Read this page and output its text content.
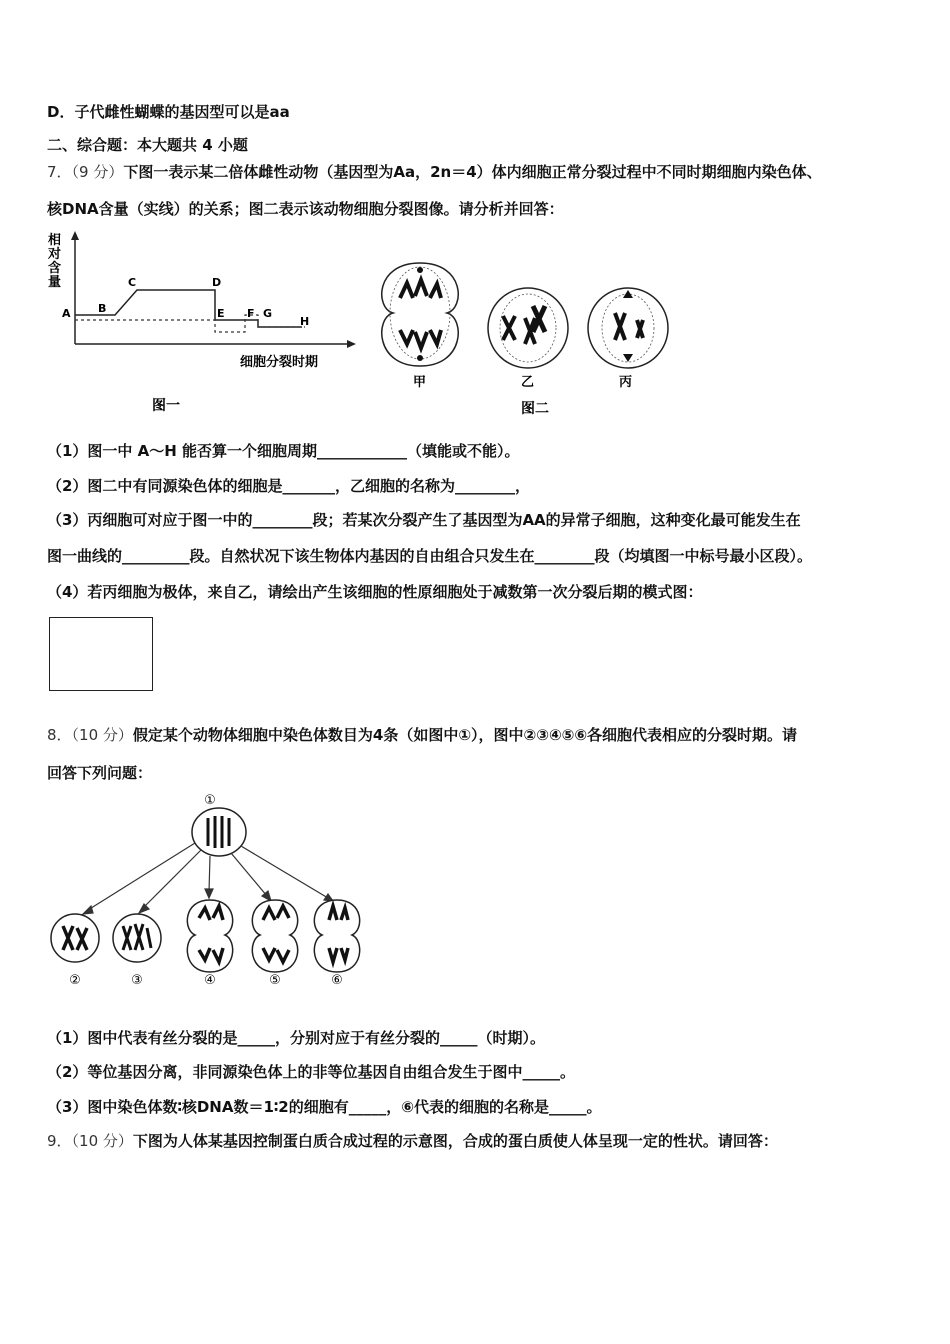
D．子代雌性蝴蝶的基因型可以是aa
二、综合题：本大题共 4 小题
7．（9 分）下图一表示某二倍体雌性动物（基因型为Aa，2n＝4）体内细胞正常分裂过程中不同时期细胞内染色体、
核DNA含量（实线）的关系；图二表示该动物细胞分裂图像。请分析并回答：
相
对
含
量
A B
C	D
E F G
H
细胞分裂时期
图一
甲	乙	丙
图二
（1）图一中 A～H 能否算一个细胞周期____________（填能或不能）。
（2）图二中有同源染色体的细胞是_______，乙细胞的名称为________，
（3）丙细胞可对应于图一中的________段；若某次分裂产生了基因型为AA的异常子细胞，这种变化最可能发生在
图一曲线的_________段。自然状况下该生物体内基因的自由组合只发生在________段（均填图一中标号最小区段）。
（4）若丙细胞为极体，来自乙，请绘出产生该细胞的性原细胞处于减数第一次分裂后期的模式图：
8．（10 分）假定某个动物体细胞中染色体数目为4条（如图中①），图中②③④⑤⑥各细胞代表相应的分裂时期。请
回答下列问题：
①
②	③	④	⑤	⑥
（1）图中代表有丝分裂的是_____，分别对应于有丝分裂的_____（时期）。
（2）等位基因分离，非同源染色体上的非等位基因自由组合发生于图中_____。
（3）图中染色体数∶核DNA数＝1∶2的细胞有_____，⑥代表的细胞的名称是_____。
9．（10 分）下图为人体某基因控制蛋白质合成过程的示意图，合成的蛋白质使人体呈现一定的性状。请回答：
